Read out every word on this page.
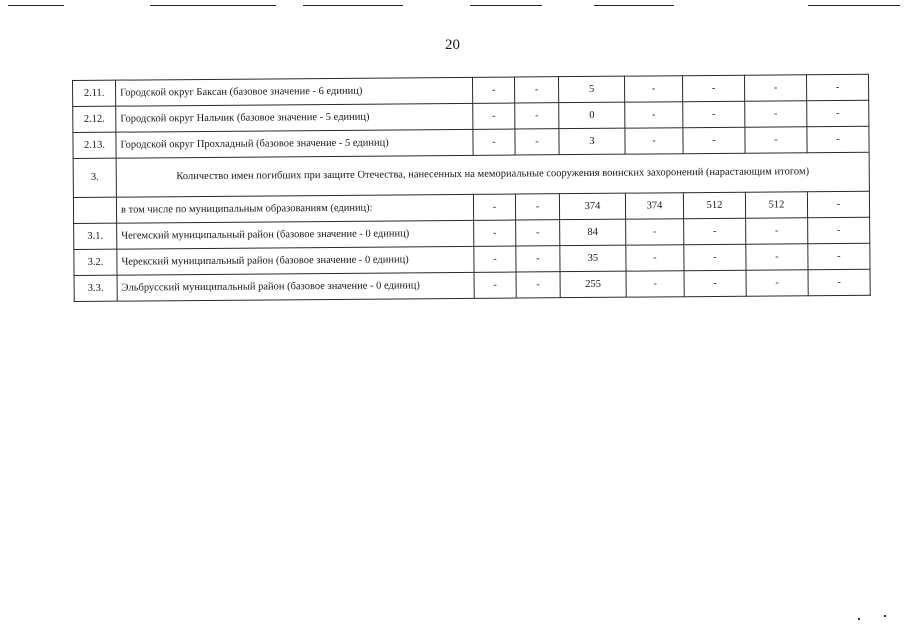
20
2.11.	Городской округ Баксан (базовое значение - 6 единиц)	-	-	5	-	-	-	-
2.12.	Городской округ Нальчик (базовое значение - 5 единиц)	-	-	0	-	-	-	-
2.13.	Городской округ Прохладный (базовое значение - 5 единиц)	-	-	3	-	-	-	-
3.	Количество имен погибших при защите Отечества, нанесенных на мемориальные сооружения воинских захоронений (нарастающим итогом)							
	в том числе по муниципальным образованиям (единиц):	-	-	374	374	512	512	-
3.1.	Чегемский муниципальный район (базовое значение - 0 единиц)	-	-	84	-	-	-	-
3.2.	Черекский муниципальный район (базовое значение - 0 единиц)	-	-	35	-	-	-	-
3.3.	Эльбрусский муниципальный район (базовое значение - 0 единиц)	-	-	255	-	-	-	-
